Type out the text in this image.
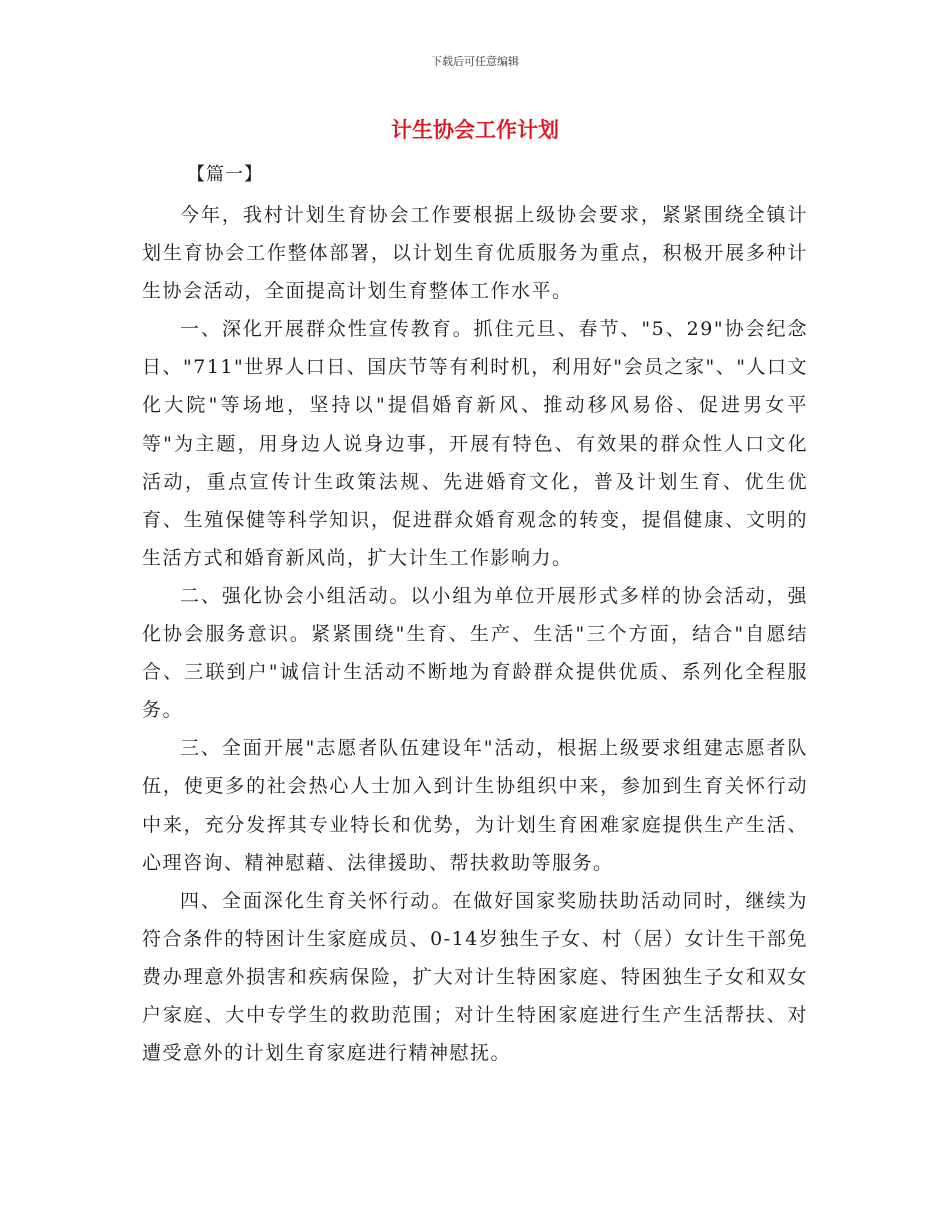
下载后可任意编辑
计生协会工作计划
【篇一】

今年，我村计划生育协会工作要根据上级协会要求，紧紧围绕全镇计划生育协会工作整体部署，以计划生育优质服务为重点，积极开展多种计生协会活动，全面提高计划生育整体工作水平。

一、深化开展群众性宣传教育。抓住元旦、春节、"5、29"协会纪念日、"711"世界人口日、国庆节等有利时机，利用好"会员之家"、"人口文化大院"等场地，坚持以"提倡婚育新风、推动移风易俗、促进男女平等"为主题，用身边人说身边事，开展有特色、有效果的群众性人口文化活动，重点宣传计生政策法规、先进婚育文化，普及计划生育、优生优育、生殖保健等科学知识，促进群众婚育观念的转变，提倡健康、文明的生活方式和婚育新风尚，扩大计生工作影响力。

二、强化协会小组活动。以小组为单位开展形式多样的协会活动，强化协会服务意识。紧紧围绕"生育、生产、生活"三个方面，结合"自愿结合、三联到户"诚信计生活动不断地为育龄群众提供优质、系列化全程服务。

三、全面开展"志愿者队伍建设年"活动，根据上级要求组建志愿者队伍，使更多的社会热心人士加入到计生协组织中来，参加到生育关怀行动中来，充分发挥其专业特长和优势，为计划生育困难家庭提供生产生活、心理咨询、精神慰藉、法律援助、帮扶救助等服务。

四、全面深化生育关怀行动。在做好国家奖励扶助活动同时，继续为符合条件的特困计生家庭成员、0-14岁独生子女、村（居）女计生干部免费办理意外损害和疾病保险，扩大对计生特困家庭、特困独生子女和双女户家庭、大中专学生的救助范围；对计生特困家庭进行生产生活帮扶、对遭受意外的计划生育家庭进行精神慰抚。
